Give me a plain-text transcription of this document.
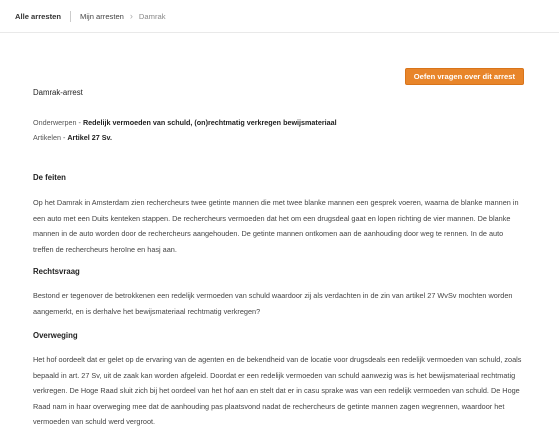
Alle arresten	Mijn arresten › Damrak
Oefen vragen over dit arrest
Damrak-arrest
Onderwerpen - Redelijk vermoeden van schuld, (on)rechtmatig verkregen bewijsmateriaal
Artikelen - Artikel 27 Sv.
De feiten
Op het Damrak in Amsterdam zien rechercheurs twee getinte mannen die met twee blanke mannen een gesprek voeren, waarna de blanke mannen in een auto met een Duits kenteken stappen. De rechercheurs vermoeden dat het om een drugsdeal gaat en lopen richting de vier mannen. De blanke mannen in de auto worden door de rechercheurs aangehouden. De getinte mannen ontkomen aan de aanhouding door weg te rennen. In de auto treffen de rechercheurs heroïne en hasj aan.
Rechtsvraag
Bestond er tegenover de betrokkenen een redelijk vermoeden van schuld waardoor zij als verdachten in de zin van artikel 27 WvSv mochten worden aangemerkt, en is derhalve het bewijsmateriaal rechtmatig verkregen?
Overweging
Het hof oordeelt dat er gelet op de ervaring van de agenten en de bekendheid van de locatie voor drugsdeals een redelijk vermoeden van schuld, zoals bepaald in art. 27 Sv, uit de zaak kan worden afgeleid. Doordat er een redelijk vermoeden van schuld aanwezig was is het bewijsmateriaal rechtmatig verkregen. De Hoge Raad sluit zich bij het oordeel van het hof aan en stelt dat er in casu sprake was van een redelijk vermoeden van schuld. De Hoge Raad nam in haar overweging mee dat de aanhouding pas plaatsvond nadat de rechercheurs de getinte mannen zagen wegrennen, waardoor het vermoeden van schuld werd vergroot.
